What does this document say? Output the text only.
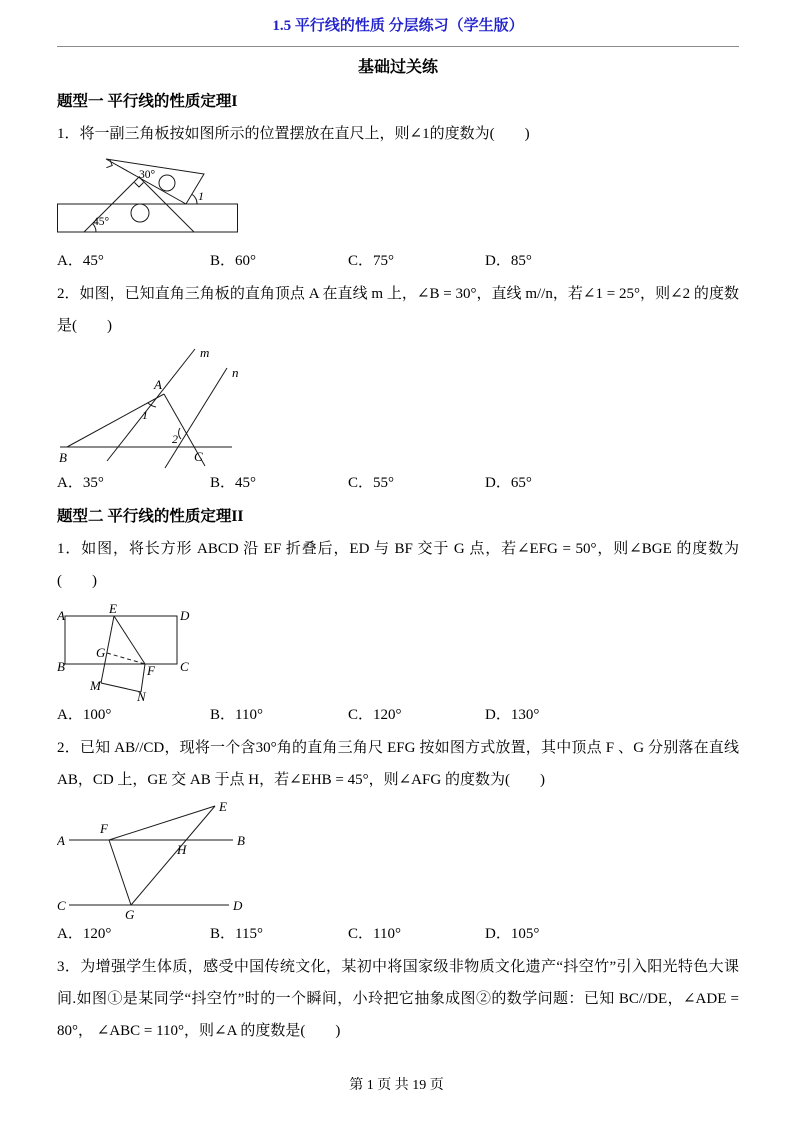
1.5 平行线的性质 分层练习（学生版）
基础过关练
题型一 平行线的性质定理I

1．将一副三角板按如图所示的位置摆放在直尺上，则∠1的度数为(　　)

45°
30°
1
A．45°	B．60°	C．75°	D．85°

2．如图，已知直角三角板的直角顶点 A 在直线 m 上，∠B = 30°，直线 m//n，若∠1 = 25°，则∠2 的度数是(　　)

m
n
A
B	C
1
2
A．35°	B．45°	C．55°	D．65°
题型二 平行线的性质定理II

1．如图，将长方形 ABCD 沿 EF 折叠后，ED 与 BF 交于 G 点，若∠EFG = 50°，则∠BGE 的度数为(　　)

A	E	D
B	C
G
M
F
N
A．100°	B．110°	C．120°	D．130°

2．已知 AB//CD，现将一个含30°角的直角三角尺 EFG 按如图方式放置，其中顶点 F 、G 分别落在直线 AB，CD 上，GE 交 AB 于点 H，若∠EHB = 45°，则∠AFG 的度数为(　　)

A	B
C	D
F
E
H
G
A．120°	B．115°	C．110°	D．105°

3．为增强学生体质，感受中国传统文化，某初中将国家级非物质文化遗产“抖空竹”引入阳光特色大课间.如图①是某同学“抖空竹”时的一个瞬间，小玲把它抽象成图②的数学问题：已知 BC//DE，∠ADE = 80°， ∠ABC = 110°，则∠A 的度数是(　　)

第 1 页 共 19 页
